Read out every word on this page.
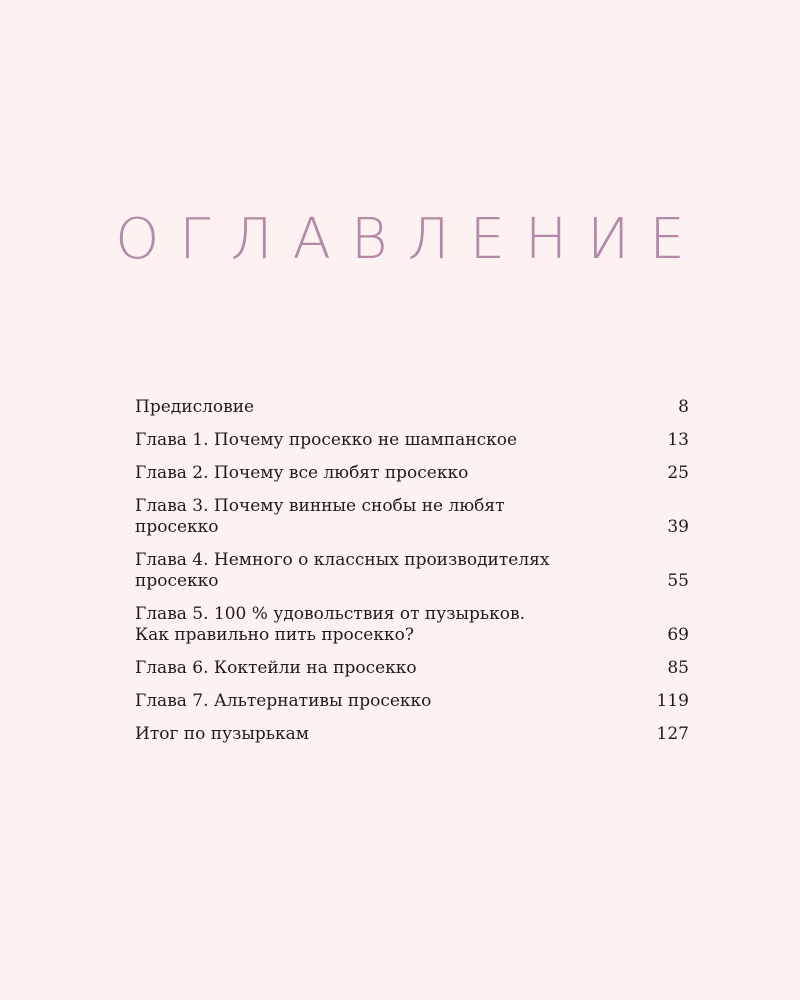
ОГЛАВЛЕНИЕ
Предисловие	8
Глава 1. Почему просекко не шампанское	13
Глава 2. Почему все любят просекко	25
Глава 3. Почему винные снобы не любят
просекко	39
Глава 4. Немного о классных производителях
просекко	55
Глава 5. 100 % удовольствия от пузырьков.
Как правильно пить просекко?	69
Глава 6. Коктейли на просекко	85
Глава 7. Альтернативы просекко	119
Итог по пузырькам	127
